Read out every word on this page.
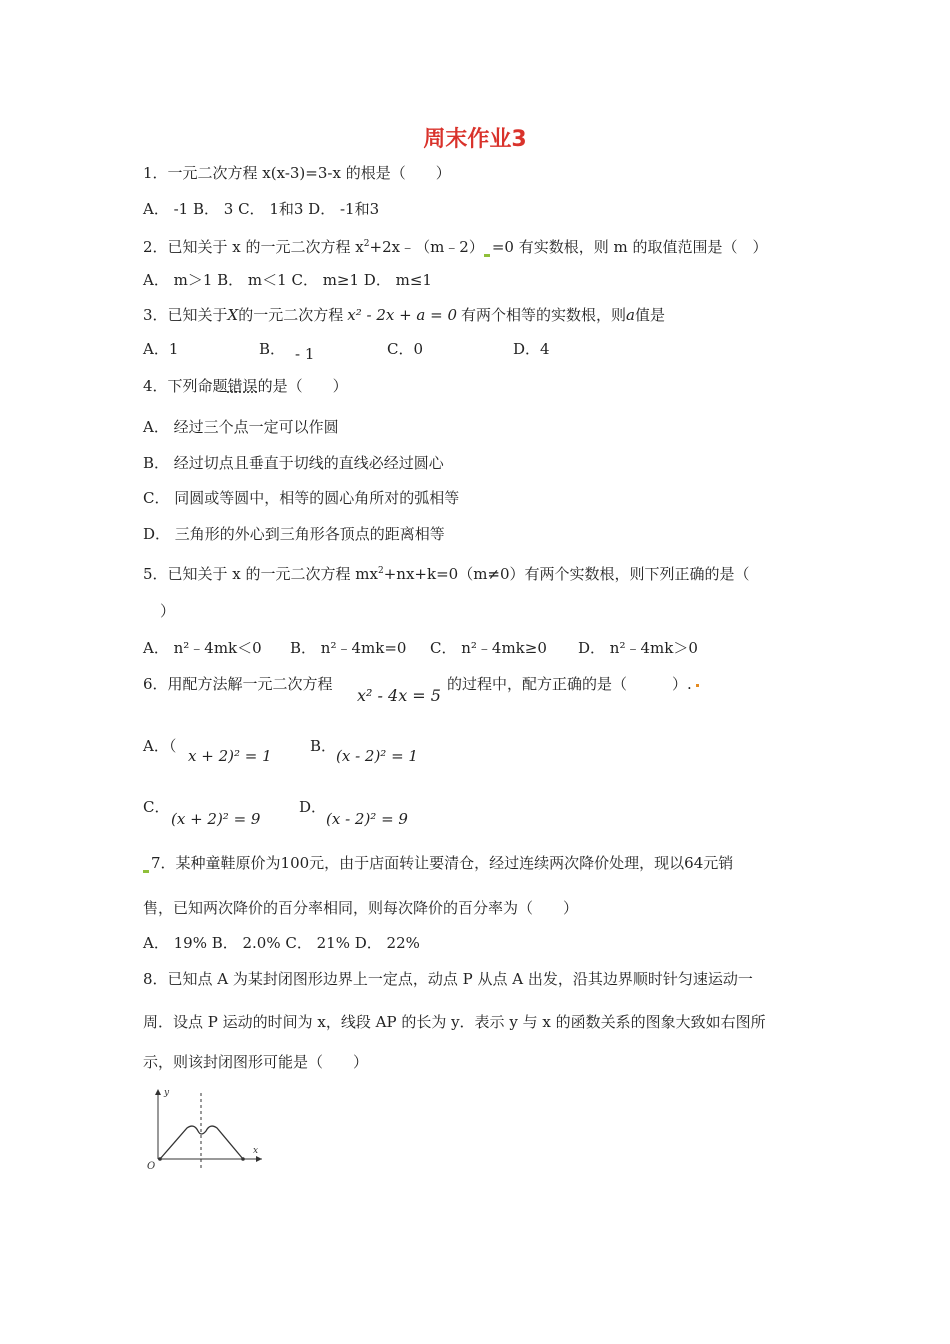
周末作业3
1．一元二次方程 x(x-3)=3-x 的根是（　　）
A． -1 B． 3 C． 1和3 D． -1和3
2．已知关于 x 的一元二次方程 $x^2+2x﹣(m﹣2) =0$ 有实数根，则 m 的取值范围是（　）
A． m＞1 B． m＜1 C． m≥1 D． m≤1
3．已知关于X的一元二次方程 x² - 2x + a = 0 有两个相等的实数根，则a值是
A．1	B． - 1	C．0	D．4
4．下列命题错误的是（　　）
A． 经过三个点一定可以作圆
B． 经过切点且垂直于切线的直线必经过圆心
C． 同圆或等圆中，相等的圆心角所对的弧相等
D． 三角形的外心到三角形各顶点的距离相等
5．已知关于 x 的一元二次方程 $mx^2+nx+k=0(m\ne 0)$有两个实数根，则下列正确的是（
）
A． n²﹣4mk＜0 B． n²﹣4mk=0 C． n²﹣4mk≥0 D． n²﹣4mk＞0
6．用配方法解一元二次方程
x² - 4x = 5
的过程中，配方正确的是（　　　）.
A．（
x + 2)² = 1
B．
(x - 2)² = 1
C．
(x + 2)² = 9
D．
(x - 2)² = 9
7．某种童鞋原价为100元，由于店面转让要清仓，经过连续两次降价处理，现以64元销
售，已知两次降价的百分率相同，则每次降价的百分率为（　　）
A． 19% B． 2.0% C． 21% D． 22%
8．已知点 A 为某封闭图形边界上一定点，动点 P 从点 A 出发，沿其边界顺时针匀速运动一
周．设点 P 运动的时间为 x，线段 AP 的长为 y．表示 y 与 x 的函数关系的图象大致如右图所
示，则该封闭图形可能是（　　）
y
x
O
